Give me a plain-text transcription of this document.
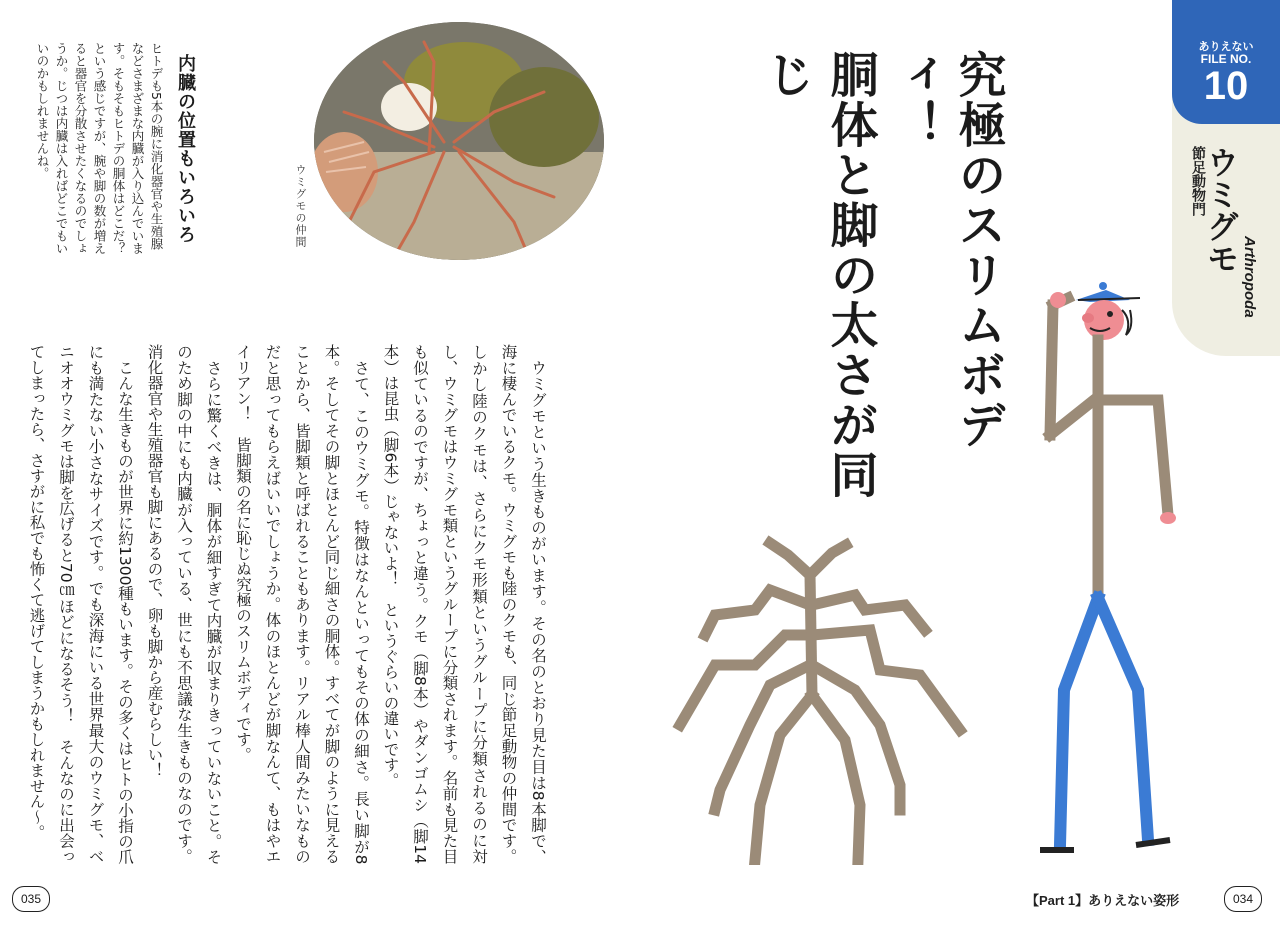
究極のスリムボディ！
胴体と脚の太さが同じ
ありえない
FILE NO.
10
節足動物門
ウミグモ
Arthropoda
内臓の位置もいろいろ
ヒトデも5本の腕に消化器官や生殖腺などさまざまな内臓が入り込んでいます。そもそもヒトデの胴体はどこだ？　という感じですが、腕や脚の数が増えると器官を分散させたくなるのでしょうか。じつは内臓は入ればどこでもいいのかもしれませんね。
ウミグモの仲間

ウミグモという生きものがいます。その名のとおり見た目は8本脚で、海に棲んでいるクモ。ウミグモも陸のクモも、同じ節足動物の仲間です。しかし陸のクモは、さらにクモ形類というグループに分類されるのに対し、ウミグモはウミグモ類というグループに分類されます。名前も見た目も似ているのですが、ちょっと違う。クモ（脚8本）やダンゴムシ（脚14本）は昆虫（脚6本）じゃないよ！　というぐらいの違いです。

さて、このウミグモ。特徴はなんといってもその体の細さ。長い脚が8本。そしてその脚とほとんど同じ細さの胴体。すべてが脚のように見えることから、皆脚類と呼ばれることもあります。リアル棒人間みたいなものだと思ってもらえばいいでしょうか。体のほとんどが脚なんて、もはやエイリアン！　皆脚類の名に恥じぬ究極のスリムボディです。

さらに驚くべきは、胴体が細すぎて内臓が収まりきっていないこと。そのため脚の中にも内臓が入っている、世にも不思議な生きものなのです。消化器官や生殖器官も脚にあるので、卵も脚から産むらしい！

こんな生きものが世界に約1300種もいます。その多くはヒトの小指の爪にも満たない小さなサイズです。でも深海にいる世界最大のウミグモ、ベニオオウミグモは脚を広げると70㎝ほどになるそう！　そんなのに出会ってしまったら、さすがに私でも怖くて逃げてしまうかもしれません～。

035	【Part 1】ありえない姿形	034
